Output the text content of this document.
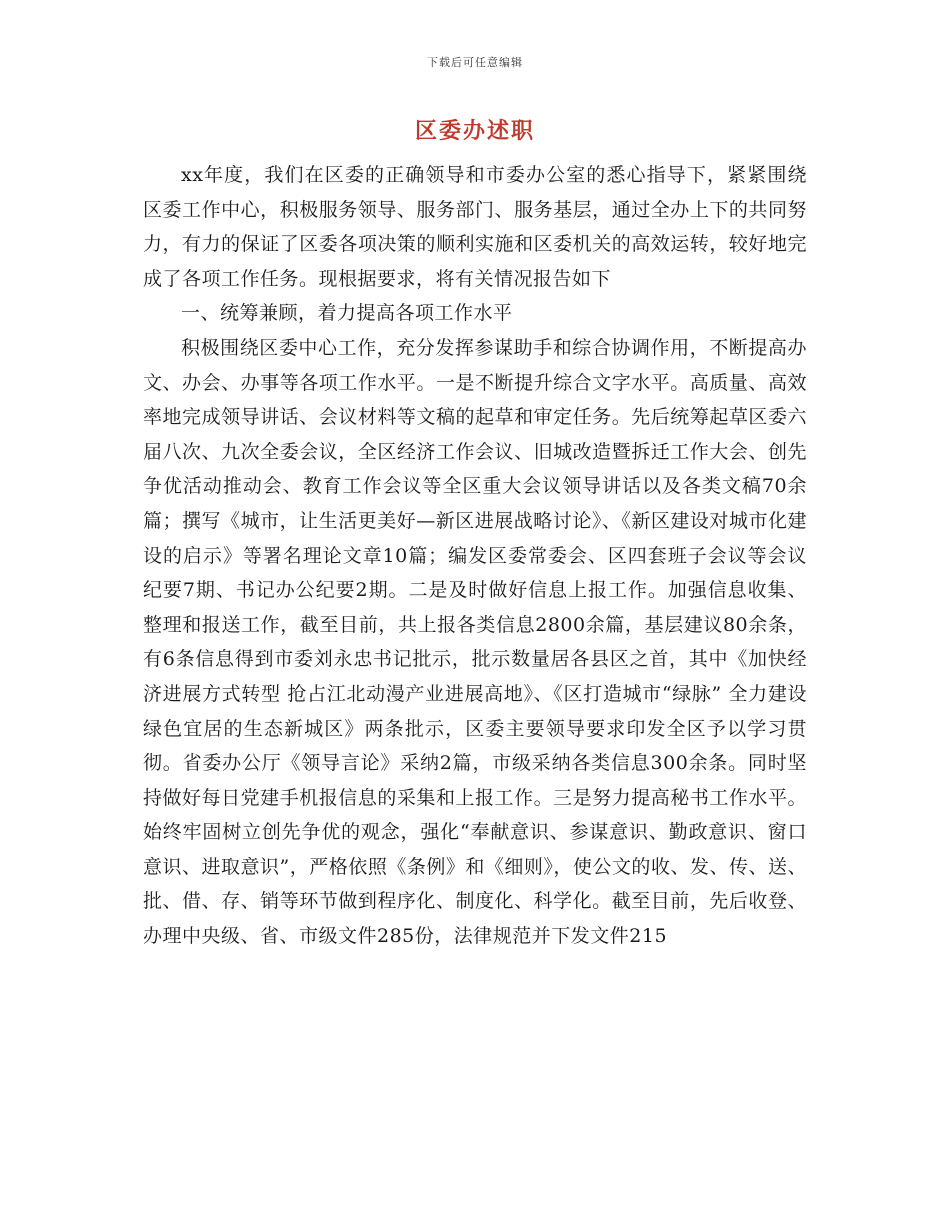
下载后可任意编辑
区委办述职

xx年度，我们在区委的正确领导和市委办公室的悉心指导下，紧紧围绕区委工作中心，积极服务领导、服务部门、服务基层，通过全办上下的共同努力，有力的保证了区委各项决策的顺利实施和区委机关的高效运转，较好地完成了各项工作任务。现根据要求，将有关情况报告如下

一、统筹兼顾，着力提高各项工作水平

积极围绕区委中心工作，充分发挥参谋助手和综合协调作用，不断提高办文、办会、办事等各项工作水平。一是不断提升综合文字水平。高质量、高效率地完成领导讲话、会议材料等文稿的起草和审定任务。先后统筹起草区委六届八次、九次全委会议，全区经济工作会议、旧城改造暨拆迁工作大会、创先争优活动推动会、教育工作会议等全区重大会议领导讲话以及各类文稿70余篇；撰写《城市，让生活更美好—新区进展战略讨论》、《新区建设对城市化建设的启示》等署名理论文章10篇；编发区委常委会、区四套班子会议等会议纪要7期、书记办公纪要2期。二是及时做好信息上报工作。加强信息收集、整理和报送工作，截至目前，共上报各类信息2800余篇，基层建议80余条，有6条信息得到市委刘永忠书记批示，批示数量居各县区之首，其中《加快经济进展方式转型 抢占江北动漫产业进展高地》、《区打造城市“绿脉” 全力建设绿色宜居的生态新城区》两条批示，区委主要领导要求印发全区予以学习贯彻。省委办公厅《领导言论》采纳2篇，市级采纳各类信息300余条。同时坚持做好每日党建手机报信息的采集和上报工作。三是努力提高秘书工作水平。始终牢固树立创先争优的观念，强化“奉献意识、参谋意识、勤政意识、窗口意识、进取意识”，严格依照《条例》和《细则》，使公文的收、发、传、送、批、借、存、销等环节做到程序化、制度化、科学化。截至目前，先后收登、办理中央级、省、市级文件285份，法律规范并下发文件215
